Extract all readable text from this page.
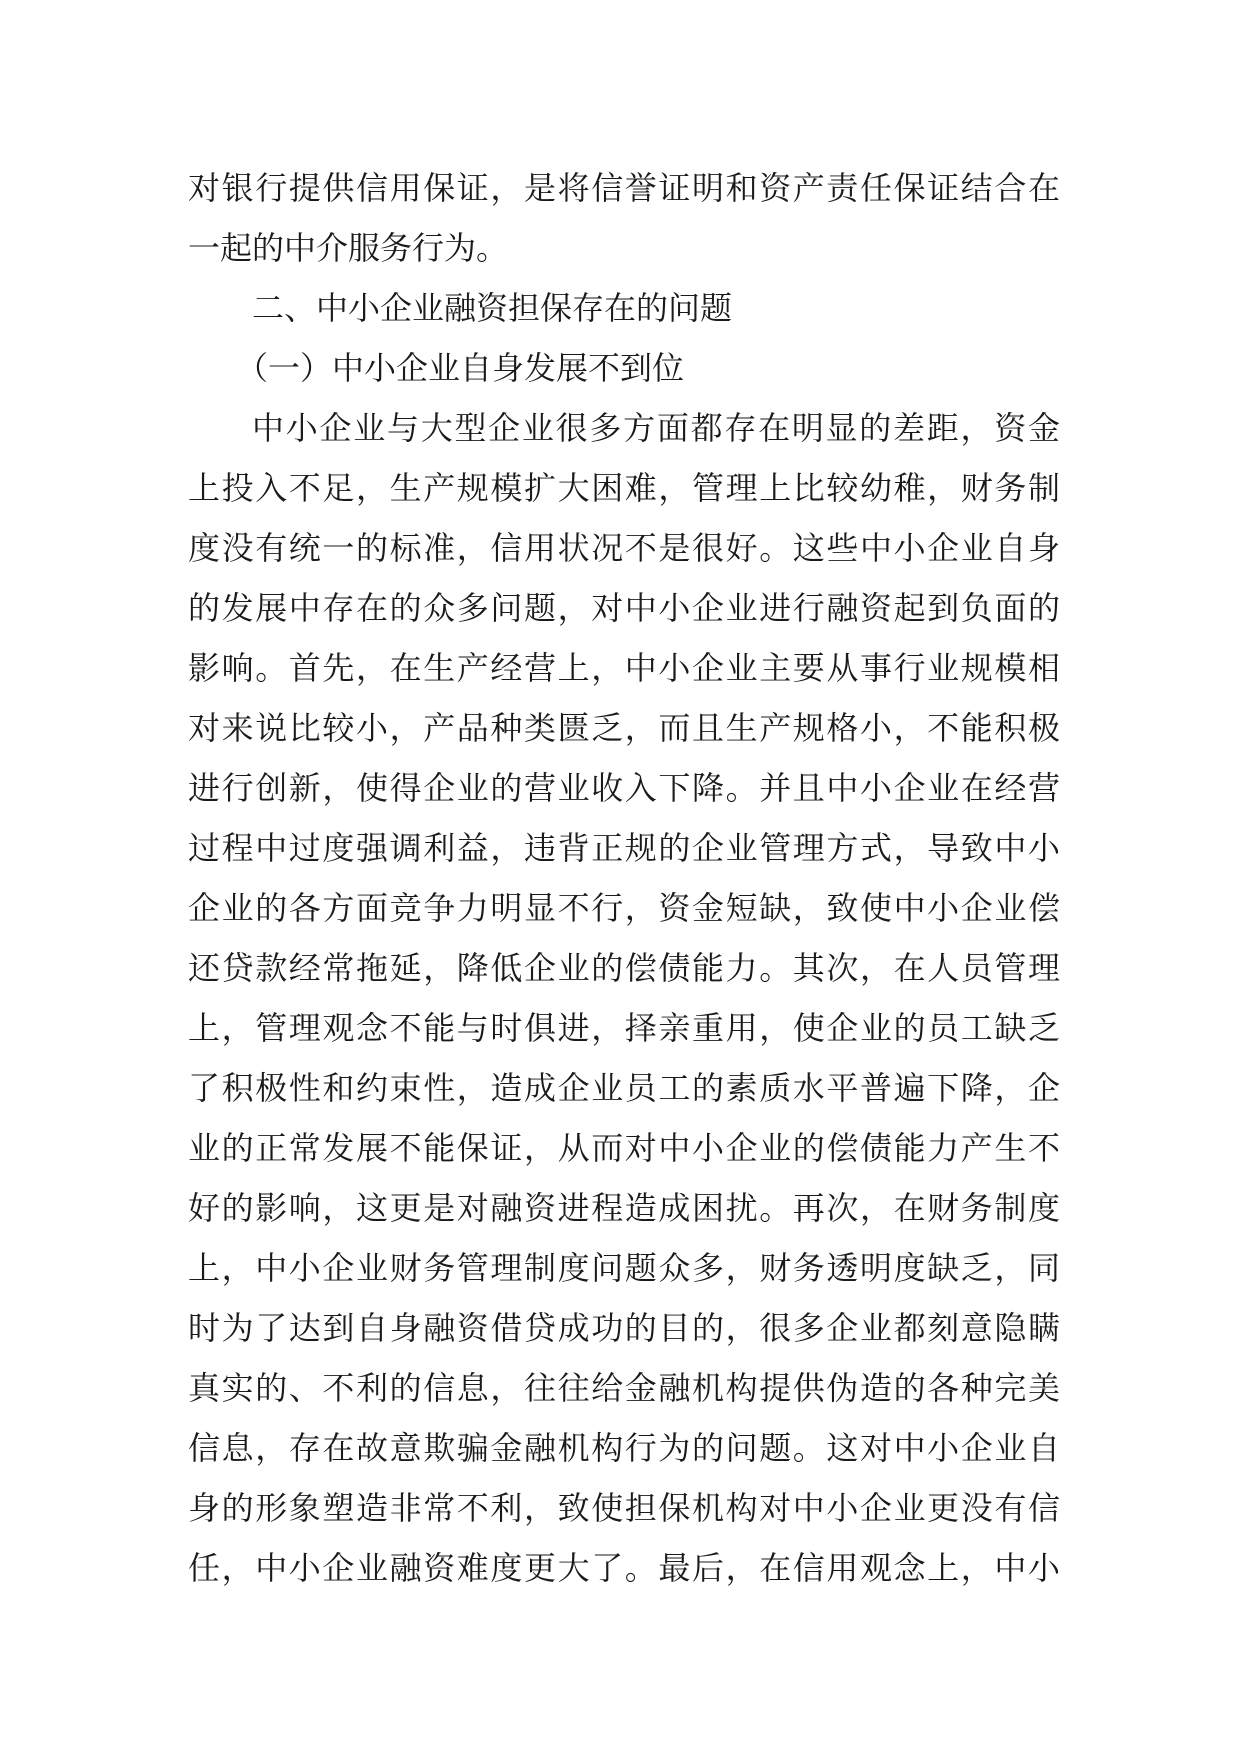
对银行提供信用保证，是将信誉证明和资产责任保证结合在
一起的中介服务行为。
二、中小企业融资担保存在的问题
（一）中小企业自身发展不到位
中小企业与大型企业很多方面都存在明显的差距，资金
上投入不足，生产规模扩大困难，管理上比较幼稚，财务制
度没有统一的标准，信用状况不是很好。这些中小企业自身
的发展中存在的众多问题，对中小企业进行融资起到负面的
影响。首先，在生产经营上，中小企业主要从事行业规模相
对来说比较小，产品种类匮乏，而且生产规格小，不能积极
进行创新，使得企业的营业收入下降。并且中小企业在经营
过程中过度强调利益，违背正规的企业管理方式，导致中小
企业的各方面竞争力明显不行，资金短缺，致使中小企业偿
还贷款经常拖延，降低企业的偿债能力。其次，在人员管理
上，管理观念不能与时俱进，择亲重用，使企业的员工缺乏
了积极性和约束性，造成企业员工的素质水平普遍下降，企
业的正常发展不能保证，从而对中小企业的偿债能力产生不
好的影响，这更是对融资进程造成困扰。再次，在财务制度
上，中小企业财务管理制度问题众多，财务透明度缺乏，同
时为了达到自身融资借贷成功的目的，很多企业都刻意隐瞒
真实的、不利的信息，往往给金融机构提供伪造的各种完美
信息，存在故意欺骗金融机构行为的问题。这对中小企业自
身的形象塑造非常不利，致使担保机构对中小企业更没有信
任，中小企业融资难度更大了。最后，在信用观念上，中小
